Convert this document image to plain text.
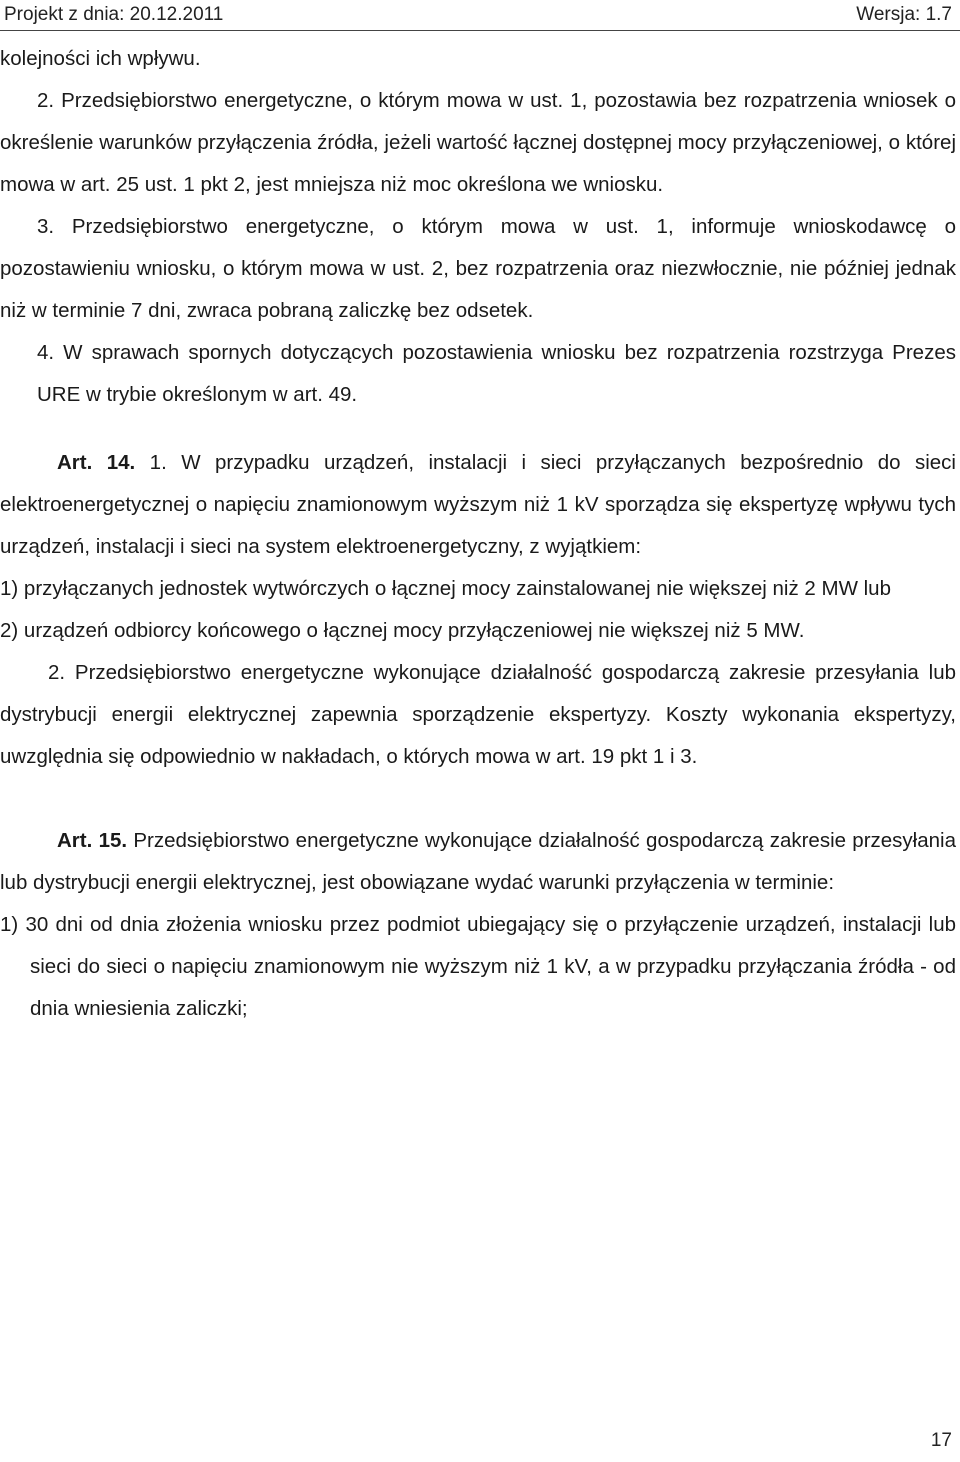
Projekt z dnia: 20.12.2011	Wersja: 1.7

kolejności ich wpływu.

2. Przedsiębiorstwo energetyczne, o którym mowa w ust. 1, pozostawia bez rozpatrzenia wniosek o określenie warunków przyłączenia źródła, jeżeli wartość łącznej dostępnej mocy przyłączeniowej, o której mowa w art. 25 ust. 1 pkt 2, jest mniejsza niż moc określona we wniosku.

3. Przedsiębiorstwo energetyczne, o którym mowa w ust. 1, informuje wnioskodawcę o pozostawieniu wniosku, o którym mowa w ust. 2, bez rozpatrzenia oraz niezwłocznie, nie później jednak niż w terminie 7 dni, zwraca pobraną zaliczkę bez odsetek.

4. W sprawach spornych dotyczących pozostawienia wniosku bez rozpatrzenia rozstrzyga Prezes URE w trybie określonym w art. 49.

Art. 14. 1. W przypadku urządzeń, instalacji i sieci przyłączanych bezpośrednio do sieci elektroenergetycznej o napięciu znamionowym wyższym niż 1 kV sporządza się ekspertyzę wpływu tych urządzeń, instalacji i sieci na system elektroenergetyczny, z wyjątkiem:

1) przyłączanych jednostek wytwórczych o łącznej mocy zainstalowanej nie większej niż 2 MW lub

2) urządzeń odbiorcy końcowego o łącznej mocy przyłączeniowej nie większej niż 5 MW.

2. Przedsiębiorstwo energetyczne wykonujące działalność gospodarczą zakresie przesyłania lub dystrybucji energii elektrycznej zapewnia sporządzenie ekspertyzy. Koszty wykonania ekspertyzy, uwzględnia się odpowiednio w nakładach, o których mowa w art. 19 pkt 1 i 3.

Art. 15. Przedsiębiorstwo energetyczne wykonujące działalność gospodarczą zakresie przesyłania lub dystrybucji energii elektrycznej, jest obowiązane wydać warunki przyłączenia w terminie:

1) 30 dni od dnia złożenia wniosku przez podmiot ubiegający się o przyłączenie urządzeń, instalacji lub sieci do sieci o napięciu znamionowym nie wyższym niż 1 kV, a w przypadku przyłączania źródła - od dnia wniesienia zaliczki;

17
